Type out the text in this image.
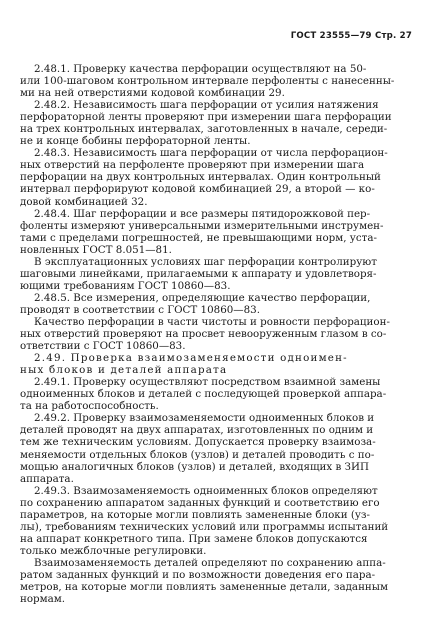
ГОСТ 23555—79 Стр. 27
2.48.1. Проверку качества перфорации осуществляют на 50-
или 100-шаговом контрольном интервале перфоленты с нанесенны-
ми на ней отверстиями кодовой комбинации 29.
2.48.2. Независимость шага перфорации от усилия натяжения
перфораторной ленты проверяют при измерении шага перфорации
на трех контрольных интервалах, заготовленных в начале, середи-
не и конце бобины перфораторной ленты.
2.48.3. Независимость шага перфорации от числа перфорацион-
ных отверстий на перфоленте проверяют при измерении шага
перфорации на двух контрольных интервалах. Один контрольный
интервал перфорируют кодовой комбинацией 29, а второй — ко-
довой комбинацией 32.
2.48.4. Шаг перфорации и все размеры пятидорожковой пер-
фоленты измеряют универсальными измерительными инструмен-
тами с пределами погрешностей, не превышающими норм, уста-
новленных ГОСТ 8.051—81.
В эксплуатационных условиях шаг перфорации контролируют
шаговыми линейками, прилагаемыми к аппарату и удовлетворя-
ющими требованиям ГОСТ 10860—83.
2.48.5. Все измерения, определяющие качество перфорации,
проводят в соответствии с ГОСТ 10860—83.
Качество перфорации в части чистоты и ровности перфорацион-
ных отверстий проверяют на просвет невооруженным глазом в со-
ответствии с ГОСТ 10860—83.
2.49. Проверка взаимозаменяемости одноимен-
ных блоков и деталей аппарата
2.49.1. Проверку осуществляют посредством взаимной замены
одноименных блоков и деталей с последующей проверкой аппара-
та на работоспособность.
2.49.2. Проверку взаимозаменяемости одноименных блоков и
деталей проводят на двух аппаратах, изготовленных по одним и
тем же техническим условиям. Допускается проверку взаимоза-
меняемости отдельных блоков (узлов) и деталей проводить с по-
мощью аналогичных блоков (узлов) и деталей, входящих в ЗИП
аппарата.
2.49.3. Взаимозаменяемость одноименных блоков определяют
по сохранению аппаратом заданных функций и соответствию его
параметров, на которые могли повлиять замененные блоки (уз-
лы), требованиям технических условий или программы испытаний
на аппарат конкретного типа. При замене блоков допускаются
только межблочные регулировки.
Взаимозаменяемость деталей определяют по сохранению аппа-
ратом заданных функций и по возможности доведения его пара-
метров, на которые могли повлиять замененные детали, заданным
нормам.
